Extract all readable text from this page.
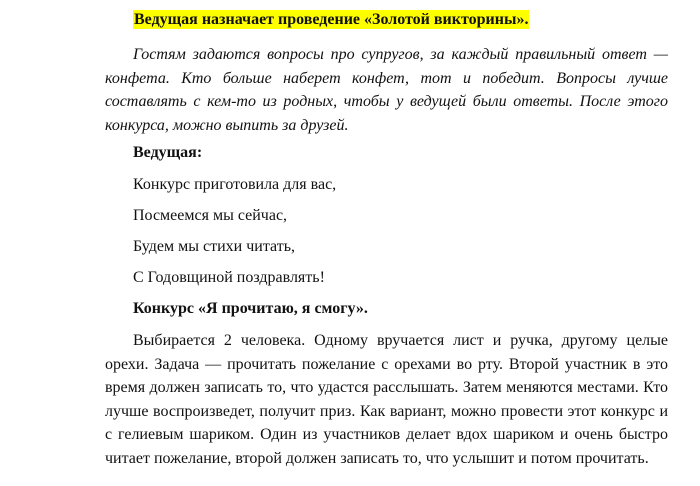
Ведущая назначает проведение «Золотой викторины».
Гостям задаются вопросы про супругов, за каждый правильный ответ — конфета. Кто больше наберет конфет, тот и победит. Вопросы лучше составлять с кем-то из родных, чтобы у ведущей были ответы. После этого конкурса, можно выпить за друзей.
Ведущая:
Конкурс приготовила для вас,
Посмеемся мы сейчас,
Будем мы стихи читать,
С Годовщиной поздравлять!
Конкурс «Я прочитаю, я смогу».
Выбирается 2 человека. Одному вручается лист и ручка, другому целые орехи. Задача — прочитать пожелание с орехами во рту. Второй участник в это время должен записать то, что удастся расслышать. Затем меняются местами. Кто лучше воспроизведет, получит приз. Как вариант, можно провести этот конкурс и с гелиевым шариком. Один из участников делает вдох шариком и очень быстро читает пожелание, второй должен записать то, что услышит и потом прочитать.
